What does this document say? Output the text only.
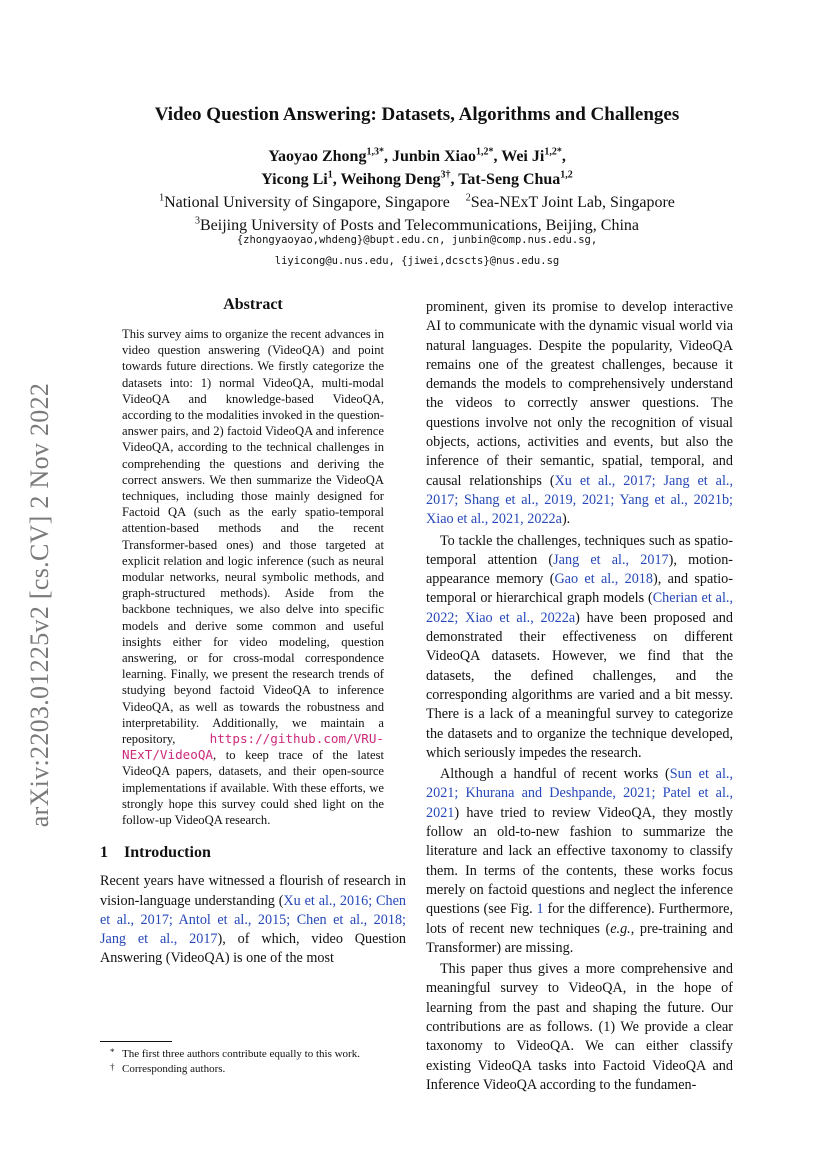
arXiv:2203.01225v2 [cs.CV] 2 Nov 2022
Video Question Answering: Datasets, Algorithms and Challenges
Yaoyao Zhong$^{1,3*}$, Junbin Xiao$^{1,2*}$, Wei $Ji^{1,2*}$,
Yicong Li$^1$, Weihong Deng$^{3\dagger}$, Tat-Seng Chua$^{1,2}$
$^1$National University of Singapore, Singapore $^2$Sea-NExT Joint Lab, Singapore
$^3$Beijing University of Posts and Telecommunications, Beijing, China
{zhongyaoyao,whdeng}@bupt.edu.cn, junbin@comp.nus.edu.sg,
liyicong@u.nus.edu, {jiwei,dcscts}@nus.edu.sg
Abstract

This survey aims to organize the recent advances in video question answering (VideoQA) and point towards future directions. We firstly categorize the datasets into: 1) normal VideoQA, multi-modal VideoQA and knowledge-based VideoQA, according to the modalities invoked in the question-answer pairs, and 2) factoid VideoQA and inference VideoQA, according to the technical challenges in comprehending the questions and deriving the correct answers. We then summarize the VideoQA techniques, including those mainly designed for Factoid QA (such as the early spatio-temporal attention-based methods and the recent Transformer-based ones) and those targeted at explicit relation and logic inference (such as neural modular networks, neural symbolic methods, and graph-structured methods). Aside from the backbone techniques, we also delve into specific models and derive some common and useful insights either for video modeling, question answering, or for cross-modal correspondence learning. Finally, we present the research trends of studying beyond factoid VideoQA to inference VideoQA, as well as towards the robustness and interpretability. Additionally, we maintain a repository,	https://github.com/VRU-NExT/VideoQA, to keep trace of the latest VideoQA papers, datasets, and their open-source implementations if available. With these efforts, we strongly hope this survey could shed light on the follow-up VideoQA research.

1 Introduction

Recent years have witnessed a flourish of research in vision-language understanding (Xu et al., 2016; Chen et al., 2017; Antol et al., 2015; Chen et al., 2018; Jang et al., 2017), of which, video Question Answering (VideoQA) is one of the most

* The first three authors contribute equally to this work.
† Corresponding authors.

prominent, given its promise to develop interactive AI to communicate with the dynamic visual world via natural languages. Despite the popularity, VideoQA remains one of the greatest challenges, because it demands the models to comprehensively understand the videos to correctly answer questions. The questions involve not only the recognition of visual objects, actions, activities and events, but also the inference of their semantic, spatial, temporal, and causal relationships (Xu et al., 2017; Jang et al., 2017; Shang et al., 2019, 2021; Yang et al., 2021b; Xiao et al., 2021, 2022a).

To tackle the challenges, techniques such as spatio-temporal attention (Jang et al., 2017), motion-appearance memory (Gao et al., 2018), and spatio-temporal or hierarchical graph models (Cherian et al., 2022; Xiao et al., 2022a) have been proposed and demonstrated their effectiveness on different VideoQA datasets. However, we find that the datasets, the defined challenges, and the corresponding algorithms are varied and a bit messy. There is a lack of a meaningful survey to categorize the datasets and to organize the technique developed, which seriously impedes the research.

Although a handful of recent works (Sun et al., 2021; Khurana and Deshpande, 2021; Patel et al., 2021) have tried to review VideoQA, they mostly follow an old-to-new fashion to summarize the literature and lack an effective taxonomy to classify them. In terms of the contents, these works focus merely on factoid questions and neglect the inference questions (see Fig. 1 for the difference). Furthermore, lots of recent new techniques (e.g., pre-training and Transformer) are missing.

This paper thus gives a more comprehensive and meaningful survey to VideoQA, in the hope of learning from the past and shaping the future. Our contributions are as follows. (1) We provide a clear taxonomy to VideoQA. We can either classify existing VideoQA tasks into Factoid VideoQA and Inference VideoQA according to the fundamen-
